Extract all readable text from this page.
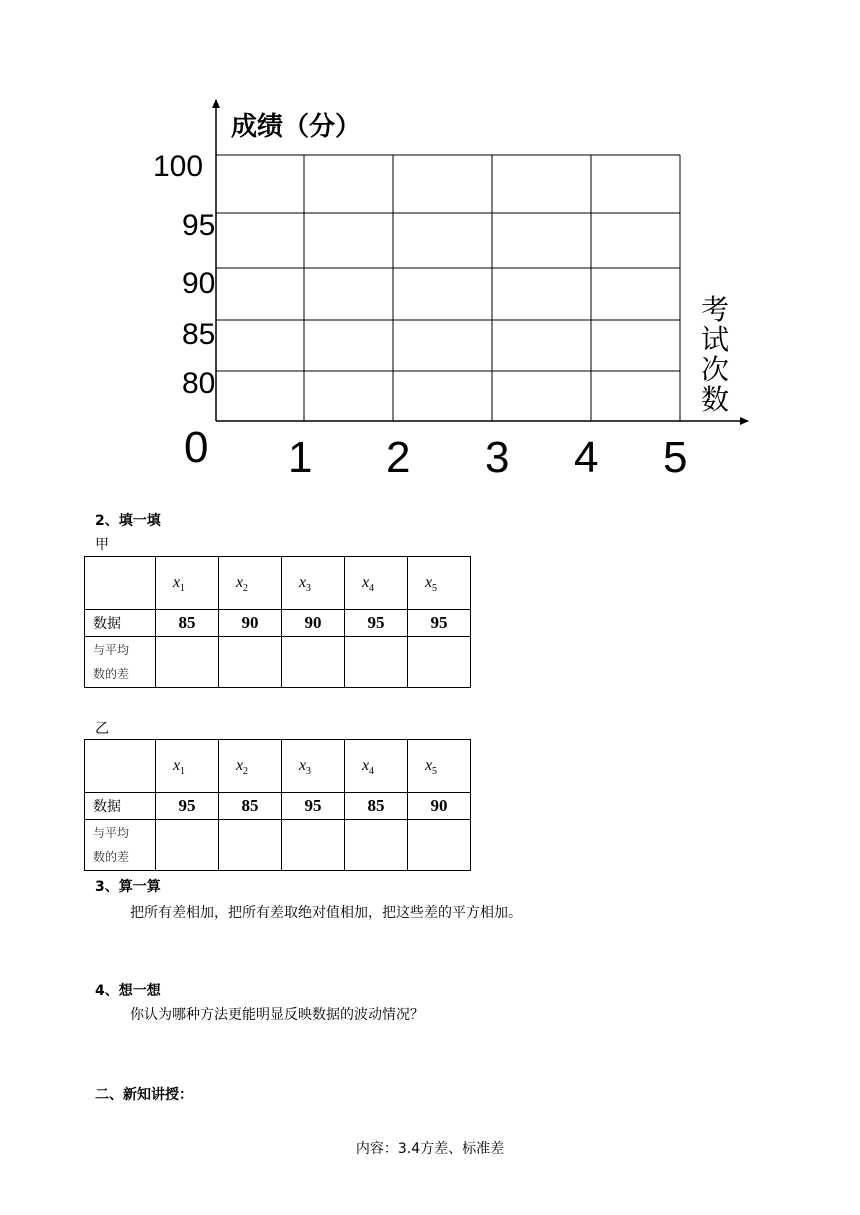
成绩（分）
0
100
95
90
85
80
1 2 3 4 5
考试次数
2、填一填
甲
	$x_1$	$x_2$	$x_3$	$x_4$	$x_5$
数据	85	90	90	95	95
与平均
数的差					
乙
	$x_1$	$x_2$	$x_3$	$x_4$	$x_5$
数据	95	85	95	85	90
与平均
数的差					
3、算一算
把所有差相加，把所有差取绝对值相加，把这些差的平方相加。
4、想一想
你认为哪种方法更能明显反映数据的波动情况？
二、新知讲授：
内容：3.4方差、标准差
